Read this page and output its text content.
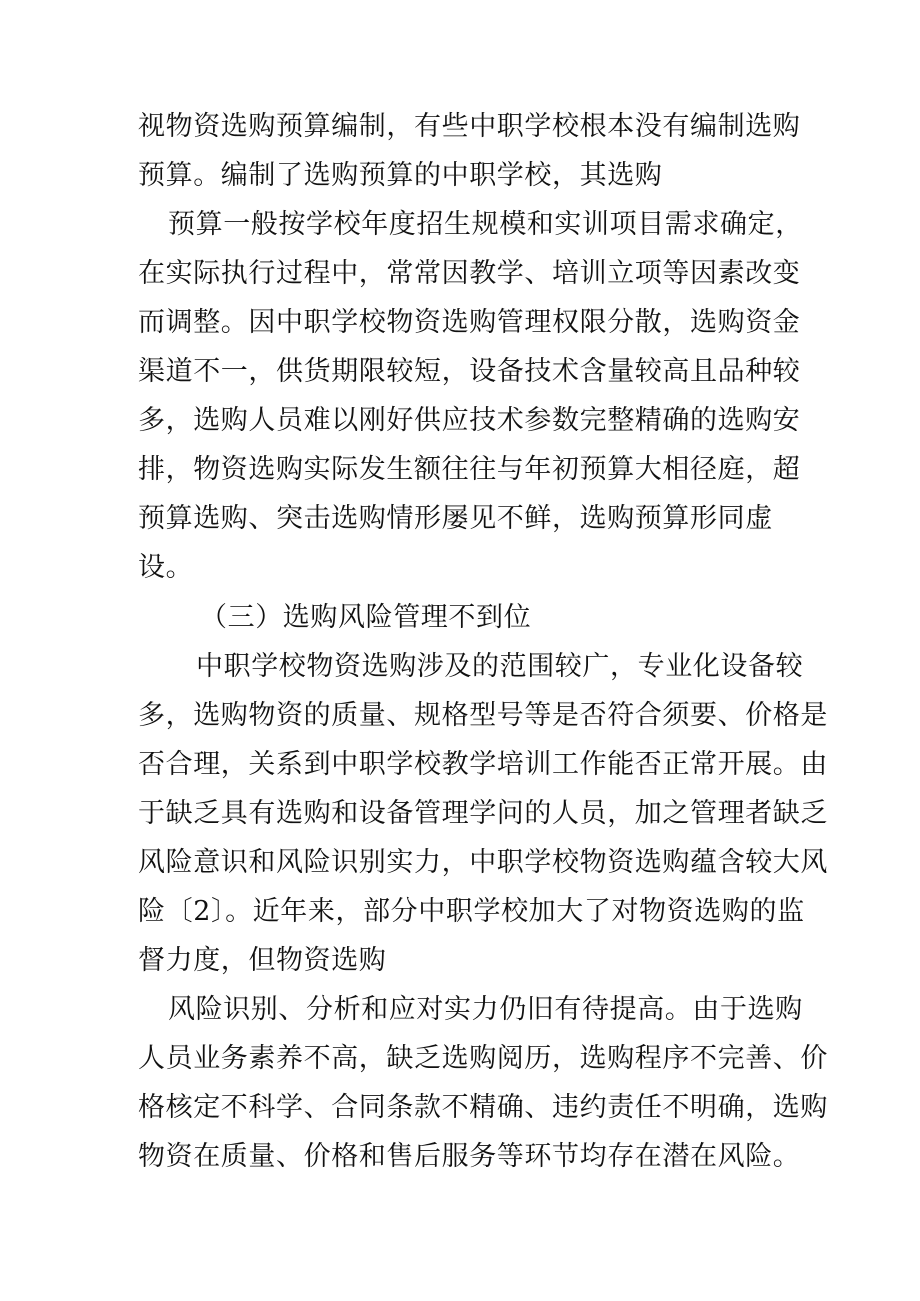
视物资选购预算编制，有些中职学校根本没有编制选购
预算。编制了选购预算的中职学校，其选购
预算一般按学校年度招生规模和实训项目需求确定，
在实际执行过程中，常常因教学、培训立项等因素改变
而调整。因中职学校物资选购管理权限分散，选购资金
渠道不一，供货期限较短，设备技术含量较高且品种较
多，选购人员难以刚好供应技术参数完整精确的选购安
排，物资选购实际发生额往往与年初预算大相径庭，超
预算选购、突击选购情形屡见不鲜，选购预算形同虚
设。
（三）选购风险管理不到位
中职学校物资选购涉及的范围较广，专业化设备较
多，选购物资的质量、规格型号等是否符合须要、价格是
否合理，关系到中职学校教学培训工作能否正常开展。由
于缺乏具有选购和设备管理学问的人员，加之管理者缺乏
风险意识和风险识别实力，中职学校物资选购蕴含较大风
险〔2〕。近年来，部分中职学校加大了对物资选购的监
督力度，但物资选购
风险识别、分析和应对实力仍旧有待提高。由于选购
人员业务素养不高，缺乏选购阅历，选购程序不完善、价
格核定不科学、合同条款不精确、违约责任不明确，选购
物资在质量、价格和售后服务等环节均存在潜在风险。
